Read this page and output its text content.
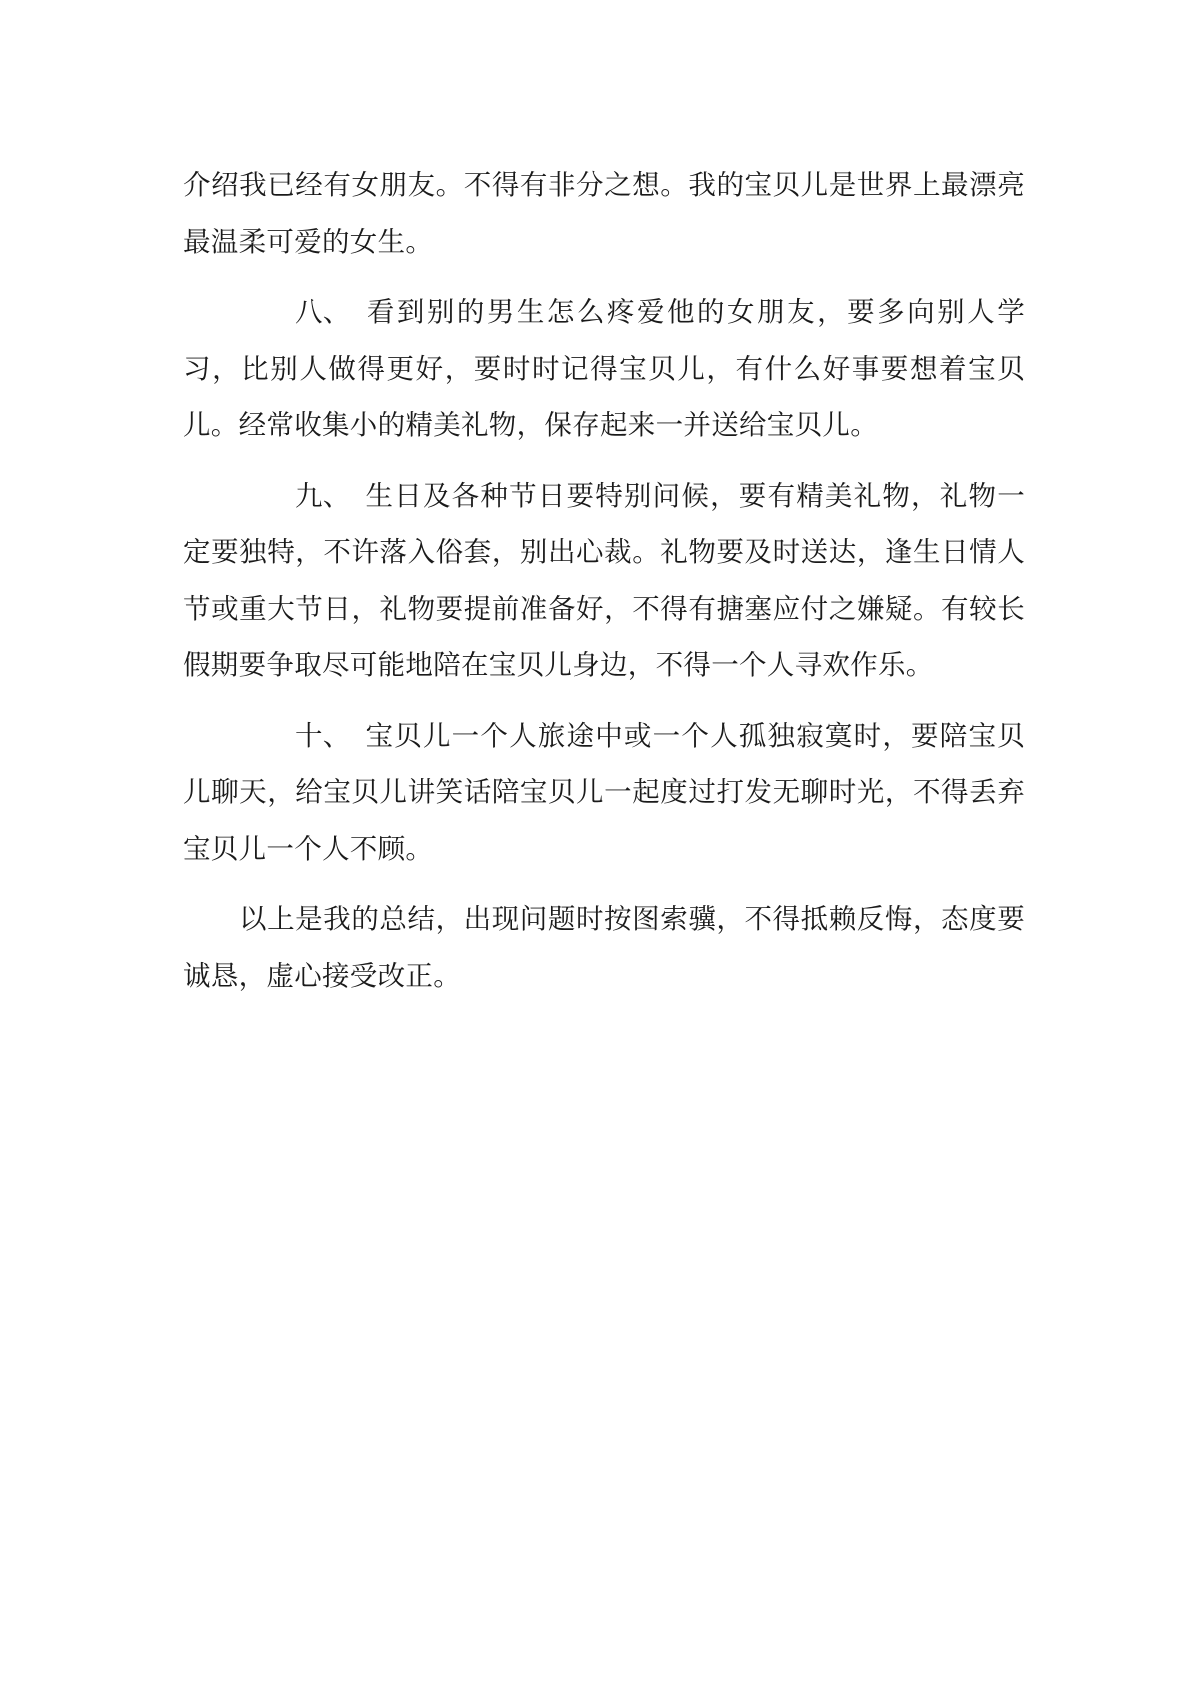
介绍我已经有女朋友。不得有非分之想。我的宝贝儿是世界上最漂亮最温柔可爱的女生。

八、 看到别的男生怎么疼爱他的女朋友，要多向别人学习，比别人做得更好，要时时记得宝贝儿，有什么好事要想着宝贝儿。经常收集小的精美礼物，保存起来一并送给宝贝儿。

九、 生日及各种节日要特别问候，要有精美礼物，礼物一定要独特，不许落入俗套，别出心裁。礼物要及时送达，逢生日情人节或重大节日，礼物要提前准备好，不得有搪塞应付之嫌疑。有较长假期要争取尽可能地陪在宝贝儿身边，不得一个人寻欢作乐。

十、 宝贝儿一个人旅途中或一个人孤独寂寞时，要陪宝贝儿聊天，给宝贝儿讲笑话陪宝贝儿一起度过打发无聊时光，不得丢弃宝贝儿一个人不顾。

以上是我的总结，出现问题时按图索骥，不得抵赖反悔，态度要诚恳，虚心接受改正。
